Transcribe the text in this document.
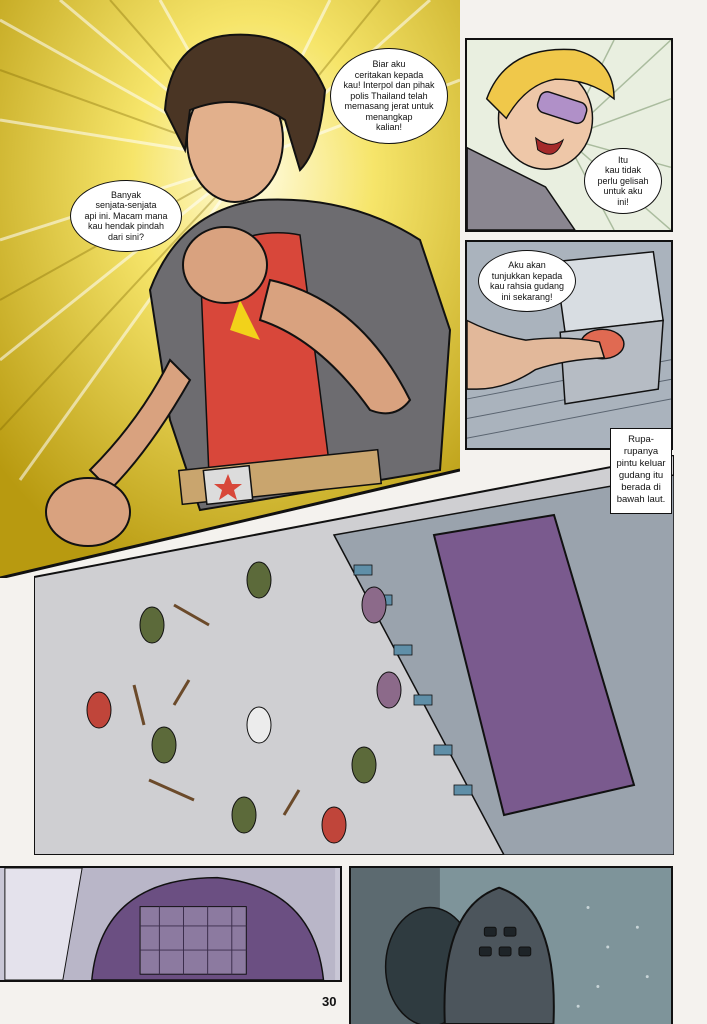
Banyak
senjata-senjata
api ini. Macam mana
kau hendak pindah
dari sini?
Biar aku
ceritakan kepada
kau! Interpol dan pihak
polis Thailand telah
memasang jerat untuk
menangkap
kalian!
Itu
kau tidak
perlu gelisah
untuk aku
ini!
Aku akan
tunjukkan kepada
kau rahsia gudang
ini sekarang!
Rupa-
rupanya
pintu keluar
gudang itu
berada di
bawah laut.
30
